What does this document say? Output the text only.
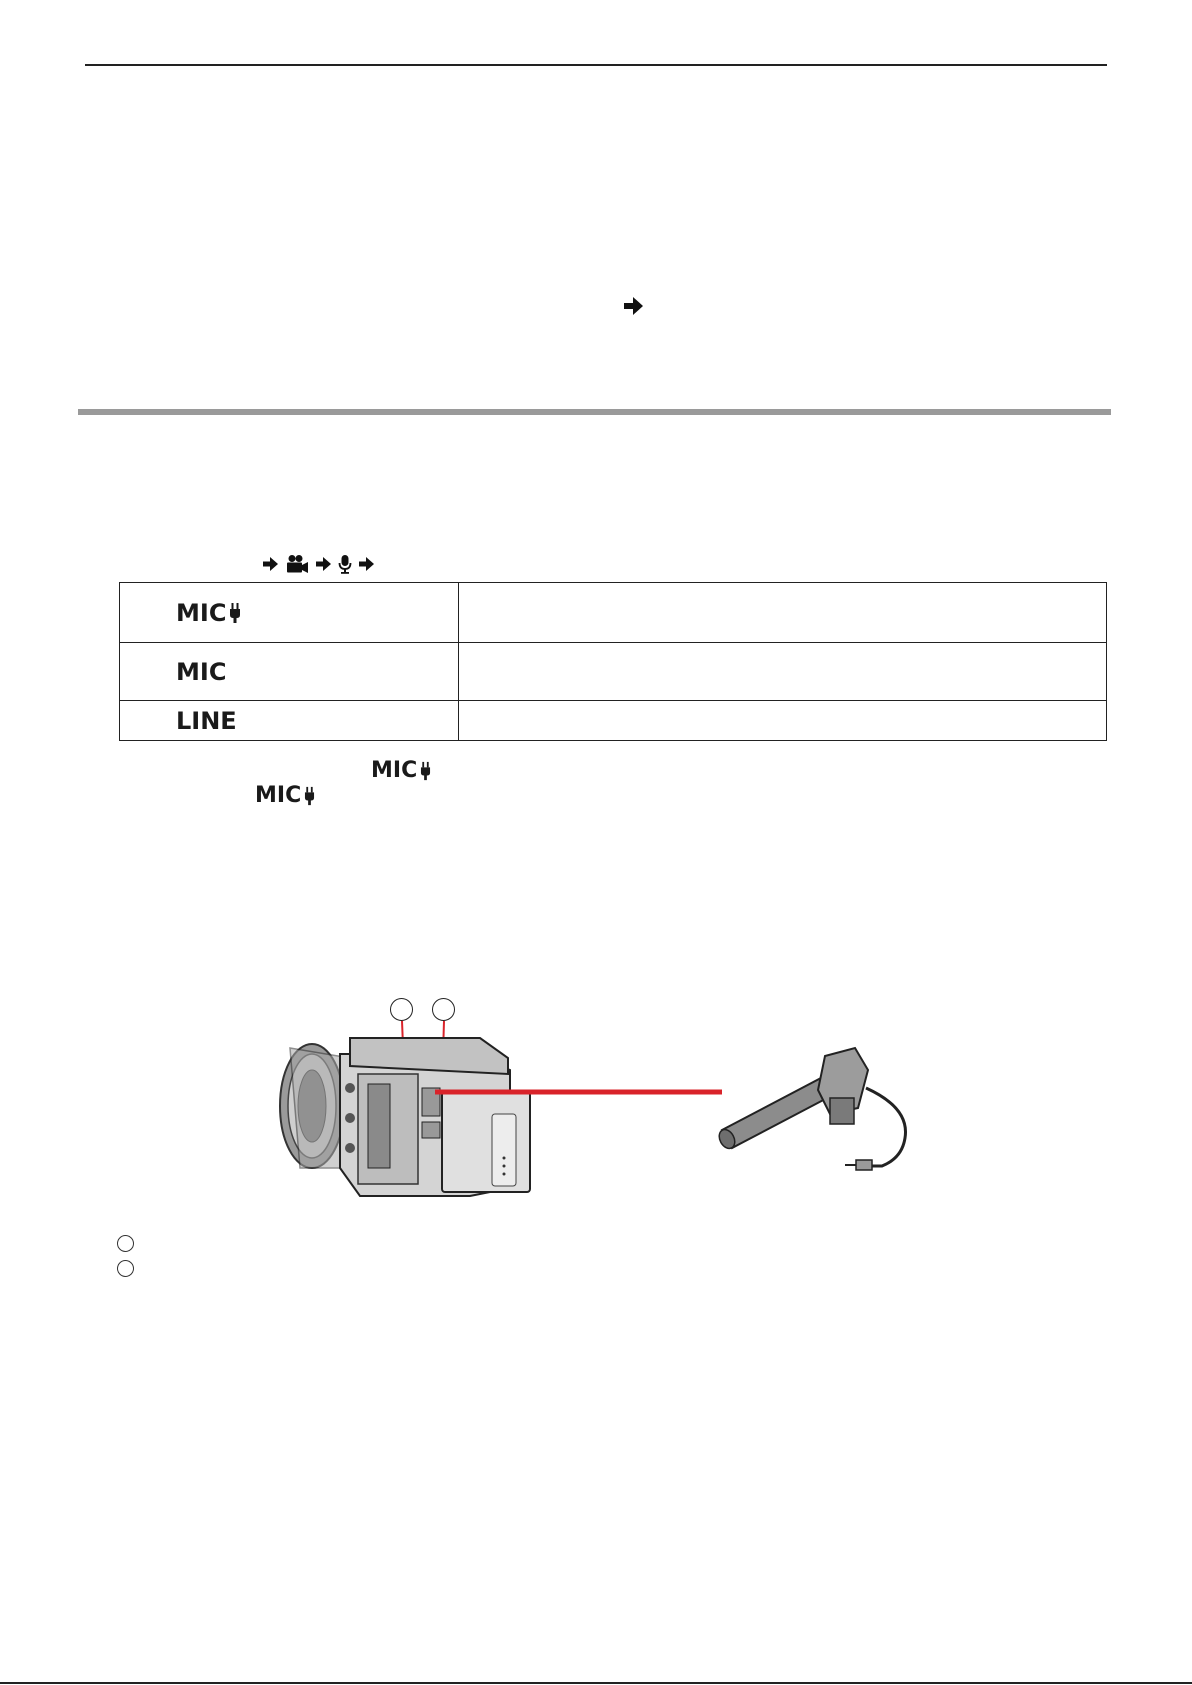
MIC	

MIC	

LINE	

MIC
MIC
